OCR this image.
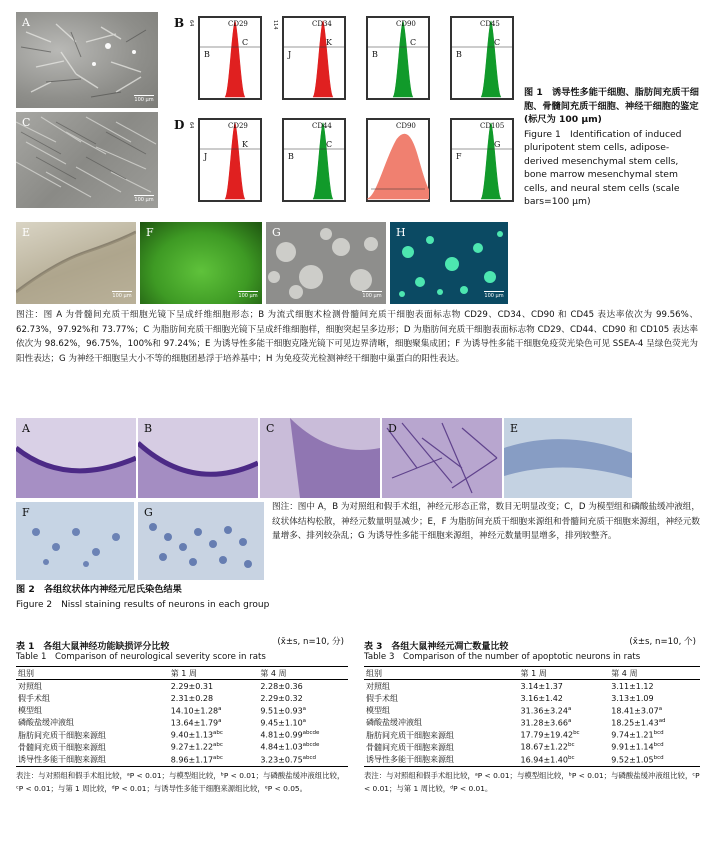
A
100 μm
C
100 μm
B 64	CD29
B
C
114	CD34
J
K
CD90
B
C
CD45
B
C
D 64	CD29
J
K
CD44
B
C
CD90	CD105
F
G
图 1　诱导性多能干细胞、脂肪间充质干细胞、骨髓间充质干细胞、神经干细胞的鉴定(标尺为 100 μm)
Figure 1　Identification of induced pluripotent stem cells, adipose-derived mesenchymal stem cells, bone marrow mesenchymal stem cells, and neural stem cells (scale bars=100 μm)
E
100 μm
F
100 μm
G
100 μm
H
100 μm
图注：图 A 为骨髓间充质干细胞光镜下呈成纤维细胞形态；B 为流式细胞术检测骨髓间充质干细胞表面标志物 CD29、CD34、CD90 和 CD45 表达率依次为 99.56%、62.73%，97.92%和 73.77%；C 为脂肪间充质干细胞光镜下呈成纤维细胞样，细胞突起呈多边形；D 为脂肪间充质干细胞表面标志物 CD29、CD44、CD90 和 CD105 表达率依次为 98.62%，96.75%，100%和 97.24%；E 为诱导性多能干细胞克隆光镜下可见边界清晰，细胞聚集成团；F 为诱导性多能干细胞免疫荧光染色可见 SSEA-4 呈绿色荧光为阳性表达；G 为神经干细胞呈大小不等的细胞团悬浮于培养基中；H 为免疫荧光检测神经干细胞中巢蛋白的阳性表达。
A	B	C	D	E
F	G	图注：图中 A，B 为对照组和假手术组，神经元形态正常，数目无明显改变；C，D 为模型组和磷酸盐缓冲液组，纹状体结构松散，神经元数量明显减少；E，F 为脂肪间充质干细胞来源组和骨髓间充质干细胞来源组，神经元数量增多、排列较杂乱；G 为诱导性多能干细胞来源组，神经元数量明显增多，排列较整齐。
图 2　各组纹状体内神经元尼氏染色结果
Figure 2　Nissl staining results of neurons in each group
表 1　各组大鼠神经功能缺损评分比较	(x̄±s, n=10, 分)
Table 1　Comparison of neurological severity score in rats
组别	第 1 周	第 4 周
对照组	2.29±0.31	2.28±0.36
假手术组	2.31±0.28	2.29±0.32
模型组	14.10±1.28$^a$	9.51±0.93$^a$
磷酸盐缓冲液组	13.64±1.79$^a$	9.45±1.10$^a$
脂肪间充质干细胞来源组	9.40±1.13$^{abc}$	$4.81\pm 0.99^{abcde}$
骨髓间充质干细胞来源组	9.27±1.22$^{abc}$	$4.84\pm 1.03^{abcde}$
诱导性多能干细胞来源组	8.96±1.17$^{abc}$	$3.23\pm 0.75^{abcd}$
表注：与对照组和假手术组比较，ᵃP < 0.01；与模型组比较，ᵇP < 0.01；与磷酸盐缓冲液组比较，ᶜP < 0.01；与第 1 周比较，ᵈP < 0.01；与诱导性多能干细胞来源组比较，ᵉP < 0.05。
表 3　各组大鼠神经元凋亡数量比较	(x̄±s, n=10, 个)
Table 3　Comparison of the number of apoptotic neurons in rats
组别	第 1 周	第 4 周
对照组	3.14±1.37	3.11±1.12
假手术组	3.16±1.42	3.13±1.09
模型组	31.36±3.24$^a$	18.41±3.07$^a$
磷酸盐缓冲液组	31.28±3.66$^a$	18.25±1.43$^{ad}$
脂肪间充质干细胞来源组	17.79±19.42$^{bc}$	9.74±1.21$^{bcd}$
骨髓间充质干细胞来源组	18.67±1.22$^{bc}$	9.91±1.14$^{bcd}$
诱导性多能干细胞来源组	16.94±1.40$^{bc}$	9.52±1.05$^{bcd}$
表注：与对照组和假手术组比较，ᵃP < 0.01；与模型组比较，ᵇP < 0.01；与磷酸盐缓冲液组比较，ᶜP < 0.01；与第 1 周比较，ᵈP < 0.01。
